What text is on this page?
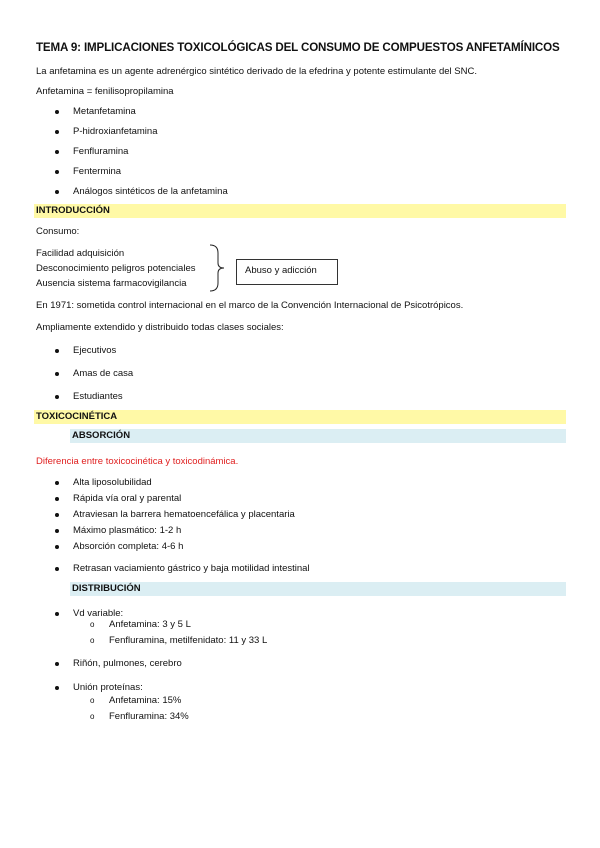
TEMA 9: IMPLICACIONES TOXICOLÓGICAS DEL CONSUMO DE COMPUESTOS ANFETAMÍNICOS
La anfetamina es un agente adrenérgico sintético derivado de la efedrina y potente estimulante del SNC.
Anfetamina = fenilisopropilamina
Metanfetamina
P-hidroxianfetamina
Fenfluramina
Fentermina
Análogos sintéticos de la anfetamina
INTRODUCCIÓN
Consumo:
Facilidad adquisición
Desconocimiento peligros potenciales
Ausencia sistema farmacovigilancia
Abuso y adicción
En 1971: sometida control internacional en el marco de la Convención Internacional de Psicotrópicos.
Ampliamente extendido y distribuido todas clases sociales:
Ejecutivos
Amas de casa
Estudiantes
TOXICOCINÉTICA
ABSORCIÓN
Diferencia entre toxicocinética y toxicodinámica.
Alta liposolubilidad
Rápida vía oral y parental
Atraviesan la barrera hematoencefálica y placentaria
Máximo plasmático: 1-2 h
Absorción completa: 4-6 h
Retrasan vaciamiento gástrico y baja motilidad intestinal
DISTRIBUCIÓN
Vd variable:
o Anfetamina: 3 y 5 L
o Fenfluramina, metilfenidato: 11 y 33 L
Riñón, pulmones, cerebro
Unión proteínas:
o Anfetamina: 15%
o Fenfluramina: 34%
